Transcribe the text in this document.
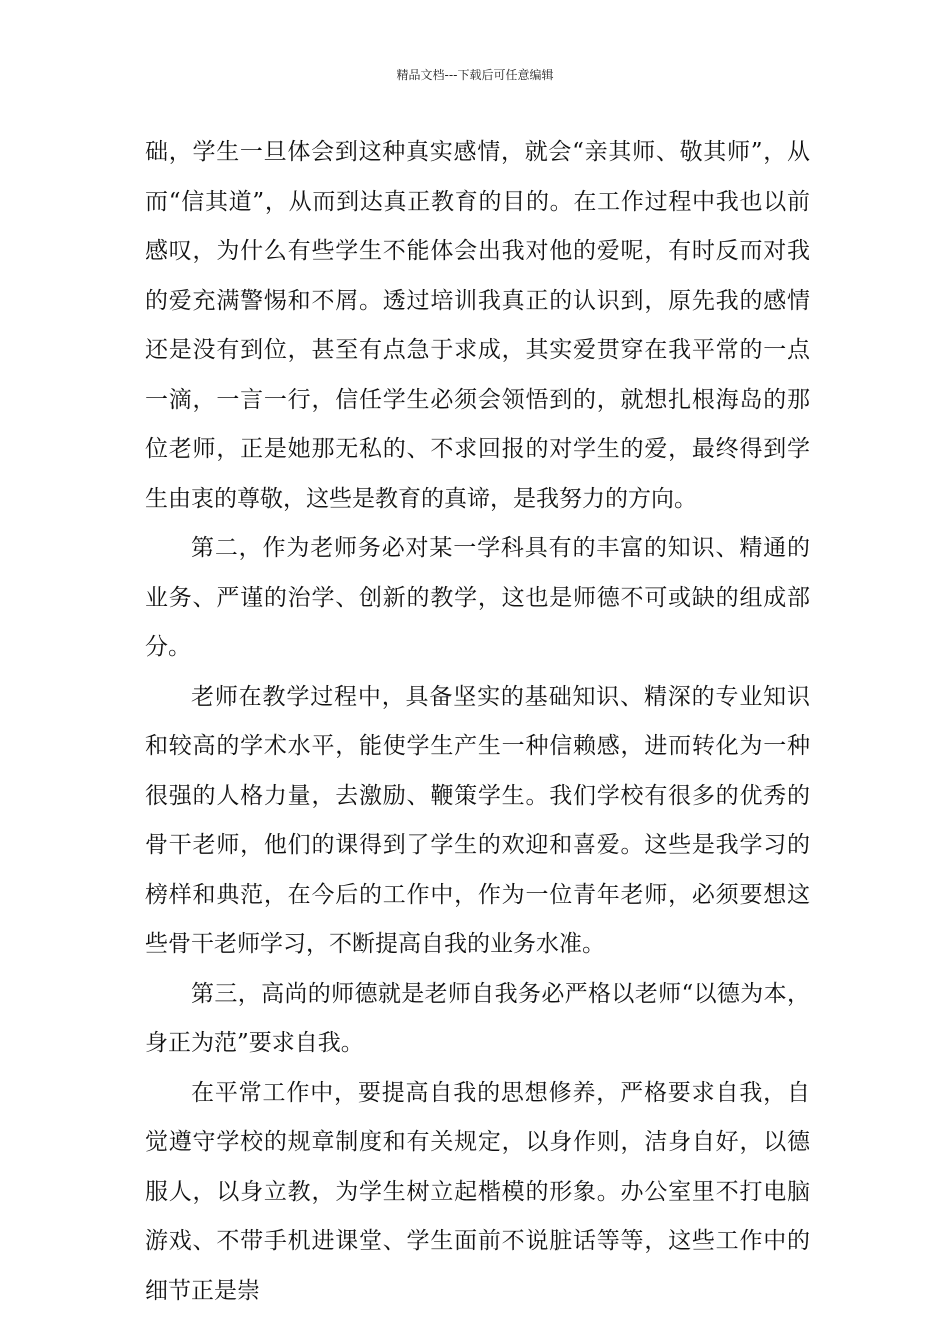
精品文档---下载后可任意编辑

础，学生一旦体会到这种真实感情，就会“亲其师、敬其师”，从而“信其道”，从而到达真正教育的目的。在工作过程中我也以前感叹，为什么有些学生不能体会出我对他的爱呢，有时反而对我的爱充满警惕和不屑。透过培训我真正的认识到，原先我的感情还是没有到位，甚至有点急于求成，其实爱贯穿在我平常的一点一滴，一言一行，信任学生必须会领悟到的，就想扎根海岛的那位老师，正是她那无私的、不求回报的对学生的爱，最终得到学生由衷的尊敬，这些是教育的真谛，是我努力的方向。

第二，作为老师务必对某一学科具有的丰富的知识、精通的业务、严谨的治学、创新的教学，这也是师德不可或缺的组成部分。

老师在教学过程中，具备坚实的基础知识、精深的专业知识和较高的学术水平，能使学生产生一种信赖感，进而转化为一种很强的人格力量，去激励、鞭策学生。我们学校有很多的优秀的骨干老师，他们的课得到了学生的欢迎和喜爱。这些是我学习的榜样和典范，在今后的工作中，作为一位青年老师，必须要想这些骨干老师学习，不断提高自我的业务水准。

第三，高尚的师德就是老师自我务必严格以老师“以德为本，身正为范”要求自我。

在平常工作中，要提高自我的思想修养，严格要求自我，自觉遵守学校的规章制度和有关规定，以身作则，洁身自好，以德服人，以身立教，为学生树立起楷模的形象。办公室里不打电脑游戏、不带手机进课堂、学生面前不说脏话等等，这些工作中的细节正是崇
